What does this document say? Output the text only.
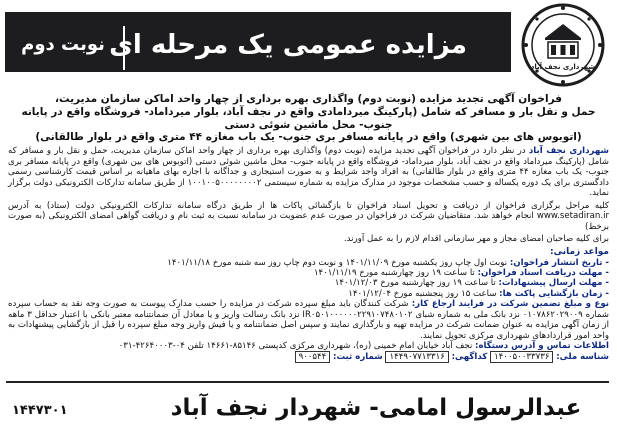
نوبت دوم مزایده عمومی یک مرحله ای
شهرداری نجف آباد
فراخوان آگهی تجدید مزایده (نوبت دوم) واگذاری بهره برداری از چهار واحد اماکن سازمان مدیریت،
حمل و نقل بار و مسافر که شامل (پارکینگ میردامادی واقع در نجف آباد، بلوار میرداماد- فروشگاه واقع در پایانه جنوب- محل ماشین شوئی دستی
(اتوبوس های بین شهری) واقع در پایانه مسافر بری جنوب- یک باب مغازه ۴۴ متری واقع در بلوار طالقانی)
شهرداری نجف آباد در نظر دارد در فراخوان آگهی تجدید مزایده (نوبت دوم) واگذاری بهره برداری از چهار واحد اماکن سازمان مدیریت، حمل و نقل بار و مسافر که شامل (پارکینگ میرداماد واقع در نجف آباد، بلوار میرداماد- فروشگاه واقع در پایانه جنوب- محل ماشین شوئی دستی (اتوبوس های بین شهری) واقع در پایانه مسافر بری جنوب- یک باب مغازه ۴۴ متری واقع در بلوار طالقانی) به افراد واجد شرایط و به صورت استیجاری و جداگانه با اجاره بهای ماهیانه بر اساس قیمت کارشناسی رسمی دادگستری برای یک دوره یکساله و حسب مشخصات موجود در مدارک مزایده به شماره سیستمی ۱۰۰۱۰۰۵۰۰۰۰۰۰۰۰۲ از طریق سامانه تدارکات الکترونیکی دولت برگزار نماید.
کلیه مراحل برگزاری فراخوان از دریافت و تحویل اسناد فراخوان تا بازگشائی پاکات ها از طریق درگاه سامانه تدارکات الکترونیکی دولت (ستاد) به آدرس www.setadiran.ir انجام خواهد شد. متقاضیان شرکت در فراخوان در صورت عدم عضویت در سامانه نسبت به ثبت نام و دریافت گواهی امضای الکترونیکی (به صورت برخط)
برای کلیه صاحبان امضای مجاز و مهر سازمانی اقدام لازم را به عمل آورند.
مواعد زمانی:
- تاریخ انتشار فراخوان: نوبت اول چاپ روز یکشنبه مورخ ۱۴۰۱/۱۱/۰۹ و نوبت دوم چاپ روز سه شنبه مورخ ۱۴۰۱/۱۱/۱۸
- مهلت دریافت اسناد فراخوان: تا ساعت ۱۹ روز چهارشنبه مورخ ۱۴۰۱/۱۱/۱۹
- مهلت ارسال پیشنهادات: تا ساعت ۱۹ روز چهارشنبه مورخ ۱۴۰۱/۱۲/۰۳
- زمان بازگشایی پاکت ها: ساعت ۱۵ روز پنجشنبه مورخ ۱۴۰۱/۱۲/۰۴
نوع و مبلغ تضمین شرکت در فرایند ارجاع کار: شرکت کنندگان باید مبلغ سپرده شرکت در مزایده را حسب مدارک پیوست به صورت وجه نقد به حساب سپرده شماره ۰۱۰۷۸۶۲۰۲۹۰۰۹ نزد بانک ملی به شماره شبای IR۰۵۰۱۰۰۰۰۰۰۲۲۹۱۰۷۴۸۰۱۰۲ نزد بانک رسالت واریز و یا معادل آن ضمانتنامه معتبر بانکی با اعتبار حداقل ۳ ماهه از زمان آگهی مزایده به عنوان ضمانت شرکت در مزایده تهیه و بارگذاری نمایند و سپس اصل ضمانتنامه و یا فیش واریز وجه مبلغ سپرده را قبل از بازگشایی پیشنهادات به واحد امور قراردادهای شهرداری مرکزی تحویل نمایند.
اطلاعات تماس و آدرس دستگاه: نجف آباد خیابان امام خمینی (ره)، شهرداری مرکزی کدپستی ۸۵۱۴۶-۱۴۶۶۱ تلفن ۰۴-۴۲۶۴۰۰۰۳-۰۳۱
شناسه ملی: ۱۴۰۰۵۰۰۳۳۷۳۶ کداگهی: ۱۴۴۹۰۷۷۱۳۳۱۶ شماره ثبت: ۹۰۰۵۴۴
عبدالرسول امامی- شهردار نجف آباد
۱۴۴۷۳۰۱
